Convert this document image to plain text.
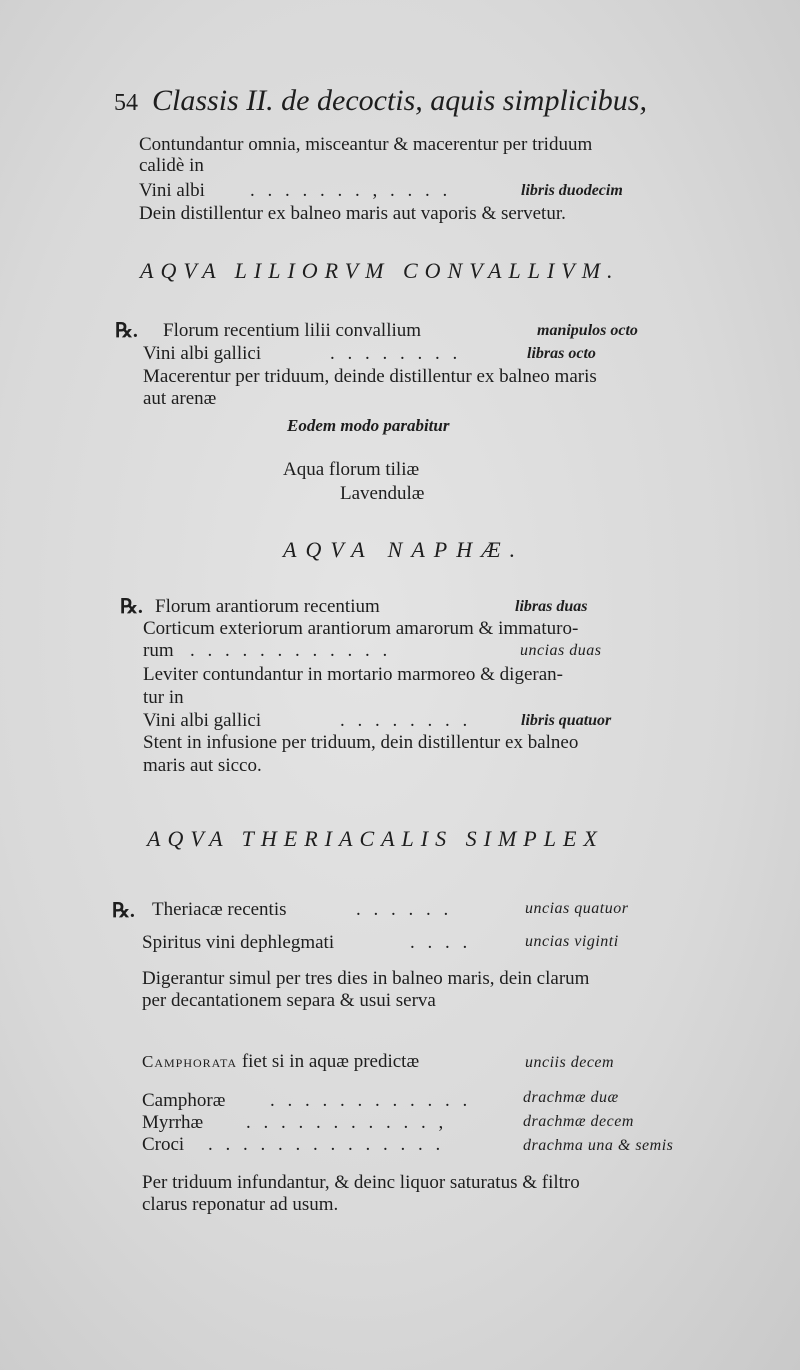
54 Classis II. de decoctis, aquis simplicibus,
Contundantur omnia, misceantur & macerentur per triduum
calidè in
Vini albi . . . . . . . , . . . .	libris duodecim
Dein distillentur ex balneo maris aut vaporis & servetur.
AQVA LILIORVM CONVALLIVM.
℞. Florum recentium lilii convallium	manipulos octo
Vini albi gallici	. . . . . . . .	libras octo
Macerentur per triduum, deinde distillentur ex balneo maris
aut arenæ
Eodem modo parabitur
Aqua florum tiliæ
Lavendulæ
AQVA NAPHÆ.
℞. Florum arantiorum recentium	libras duas
Corticum exteriorum arantiorum amarorum & immaturo-
rum . . . . . . . . . . . .	uncias duas
Leviter contundantur in mortario marmoreo & digeran-
tur in
Vini albi gallici	. . . . . . . .	libris quatuor
Stent in infusione per triduum, dein distillentur ex balneo
maris aut sicco.
AQVA THERIACALIS SIMPLEX
℞. Theriacæ recentis	. . . . . .	uncias quatuor
Spiritus vini dephlegmati	. . . .	uncias viginti
Digerantur simul per tres dies in balneo maris, dein clarum
per decantationem separa & usui serva
Camphorata fiet si in aquæ predictæ	unciis decem
Camphoræ . . . . . . . . . . . .	drachmæ duæ
Myrrhæ . . . . . . . . . . . ,	drachmæ decem
Croci . . . . . . . . . . . . . .	drachma una & semis
Per triduum infundantur, & deinc liquor saturatus & filtro
clarus reponatur ad usum.
